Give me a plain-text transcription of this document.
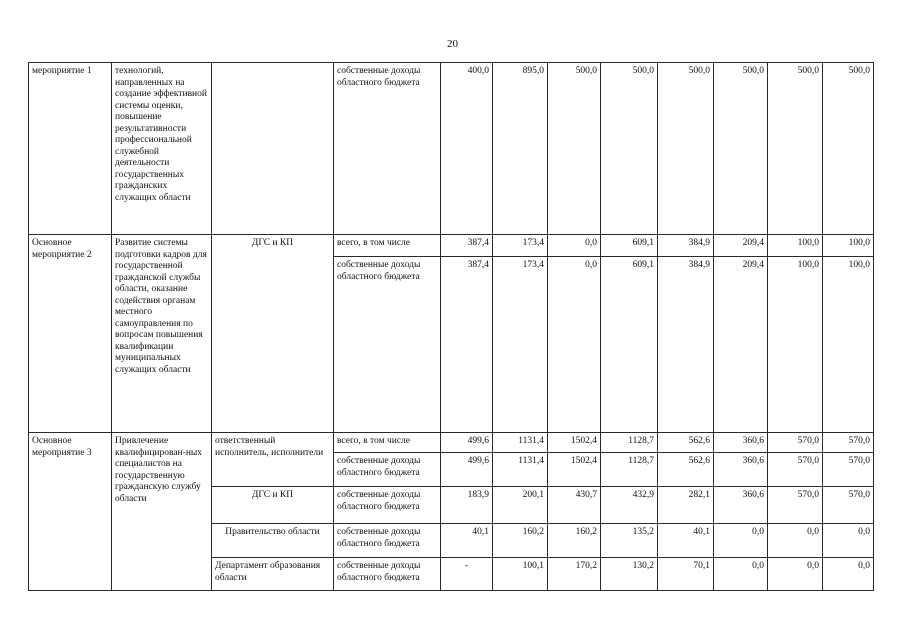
20
мероприятие 1	технологий, направленных на создание эффективной системы оценки, повышение результативности профессиональной служебной деятельности государственных гражданских служащих области		собственные доходы областного бюджета	400,0	895,0	500,0	500,0	500,0	500,0	500,0	500,0
Основное мероприятие 2	Развитие системы подготовки кадров для государственной гражданской службы области, оказание содействия органам местного самоуправления по вопросам повышения квалификации муниципальных служащих области	ДГС и КП	всего, в том числе	387,4	173,4	0,0	609,1	384,9	209,4	100,0	100,0
			собственные доходы областного бюджета	387,4	173,4	0,0	609,1	384,9	209,4	100,0	100,0
Основное мероприятие 3	Привлечение квалифицирован-ных специалистов на государственную гражданскую службу области	ответственный исполнитель, исполнители	всего, в том числе	499,6	1131,4	1502,4	1128,7	562,6	360,6	570,0	570,0
			собственные доходы областного бюджета	499,6	1131,4	1502,4	1128,7	562,6	360,6	570,0	570,0
		ДГС и КП	собственные доходы областного бюджета	183,9	200,1	430,7	432,9	282,1	360,6	570,0	570,0
		Правительство области	собственные доходы областного бюджета	40,1	160,2	160,2	135,2	40,1	0,0	0,0	0,0
		Департамент образования области	собственные доходы областного бюджета	-	100,1	170,2	130,2	70,1	0,0	0,0	0,0
